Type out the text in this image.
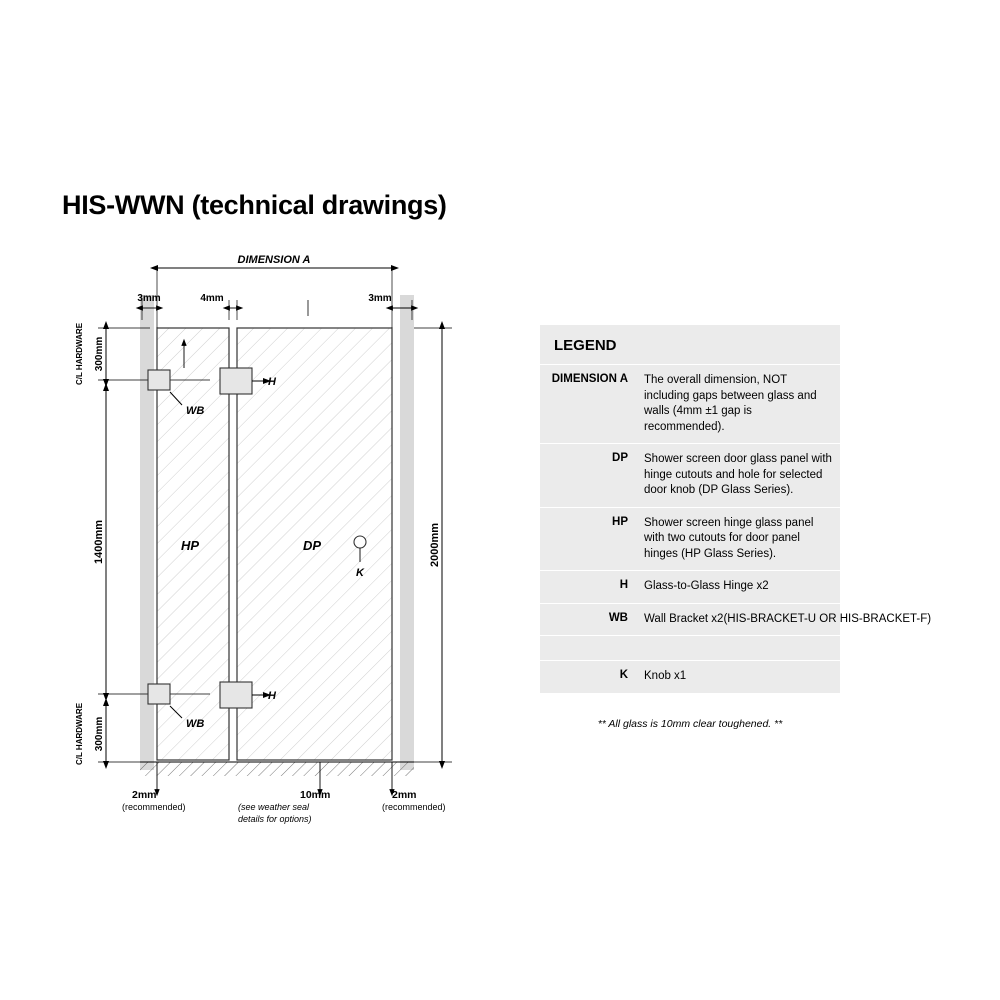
HIS-WWN (technical drawings)
DIMENSION A
3mm	4mm	3mm
2000mm
300mm
1400mm
300mm
C/L HARDWARE
C/L HARDWARE
WB
H
WB
H
HP	DP
K
2mm
(recommended)
10mm
(see weather seal
details for options)
2mm
(recommended)
LEGEND
DIMENSION A	The overall dimension, NOT including gaps between glass and walls (4mm ±1 gap is recommended).
DP	Shower screen door glass panel with hinge cutouts and hole for selected door knob (DP Glass Series).
HP	Shower screen hinge glass panel with two cutouts for door panel hinges (HP Glass Series).
H	Glass-to-Glass Hinge x2
WB	Wall Bracket x2(HIS-BRACKET-U OR HIS-BRACKET-F)
K	Knob x1
** All glass is 10mm clear toughened. **
